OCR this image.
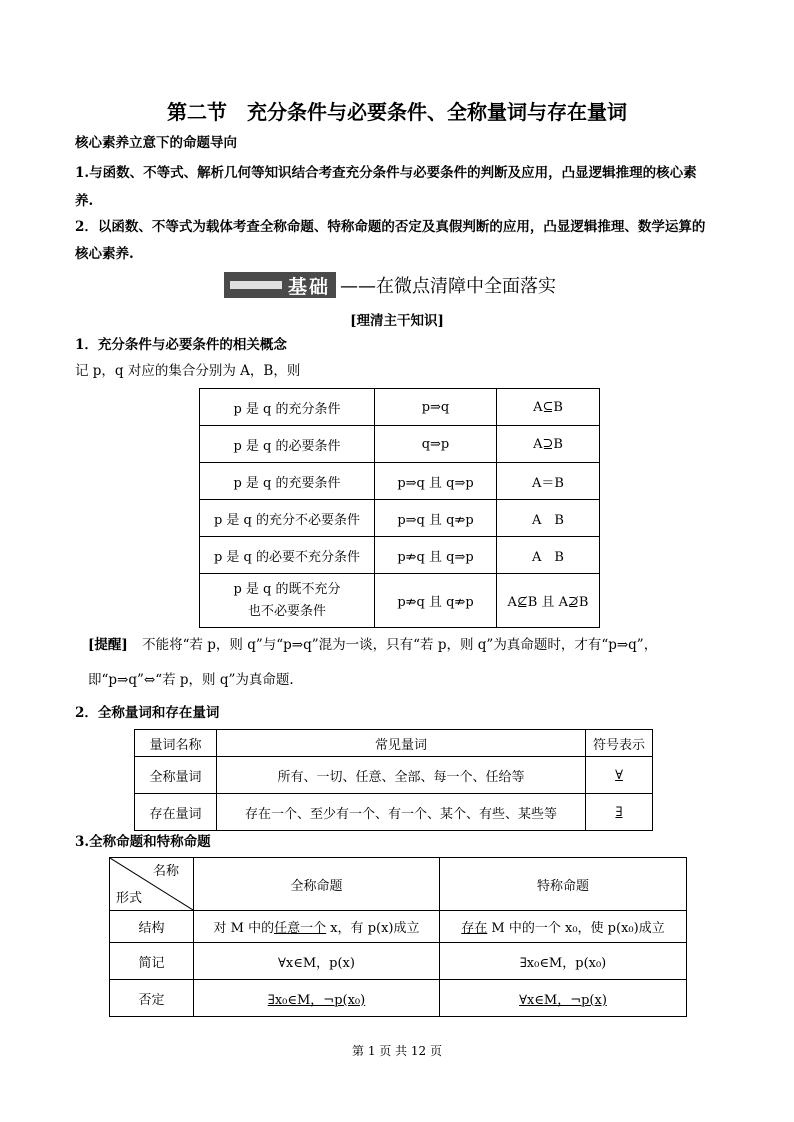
第二节　充分条件与必要条件、全称量词与存在量词
核心素养立意下的命题导向
1.与函数、不等式、解析几何等知识结合考查充分条件与必要条件的判断及应用，凸显逻辑推理的核心素
养.
2．以函数、不等式为载体考查全称命题、特称命题的否定及真假判断的应用，凸显逻辑推理、数学运算的
核心素养.
基础 ——在微点清障中全面落实
[理清主干知识]
1．充分条件与必要条件的相关概念
记 p，q 对应的集合分别为 A，B，则
p 是 q 的充分条件	p⇒q	A⊆B
p 是 q 的必要条件	q⇒p	A⊇B
p 是 q 的充要条件	p⇒q 且 q⇒p	A＝B
p 是 q 的充分不必要条件	p⇒q 且 q⇏p	A　B
p 是 q 的必要不充分条件	p⇏q 且 q⇒p	A　B

p 是 q 的既不充分
也不必要条件	p⇏q 且 q⇏p	A⊈B 且 A⊉B
[提醒] 不能将“若 p，则 q”与“p⇒q”混为一谈，只有“若 p，则 q”为真命题时，才有“p⇒q”，
即“p⇒q”⇔“若 p，则 q”为真命题.
2．全称量词和存在量词
量词名称	常见量词	符号表示
全称量词	所有、一切、任意、全部、每一个、任给等	∀
存在量词	存在一个、至少有一个、有一个、某个、有些、某些等	∃
3.全称命题和特称命题
名称
形式	全称命题	特称命题
结构	对 M 中的任意一个 x，有 p(x)成立	存在 M 中的一个 x₀，使 p(x₀)成立
简记	∀x∈M，p(x)	∃x₀∈M，p(x₀)
否定	∃x₀∈M，¬p(x₀)	∀x∈M，¬p(x)
第 1 页 共 12 页
